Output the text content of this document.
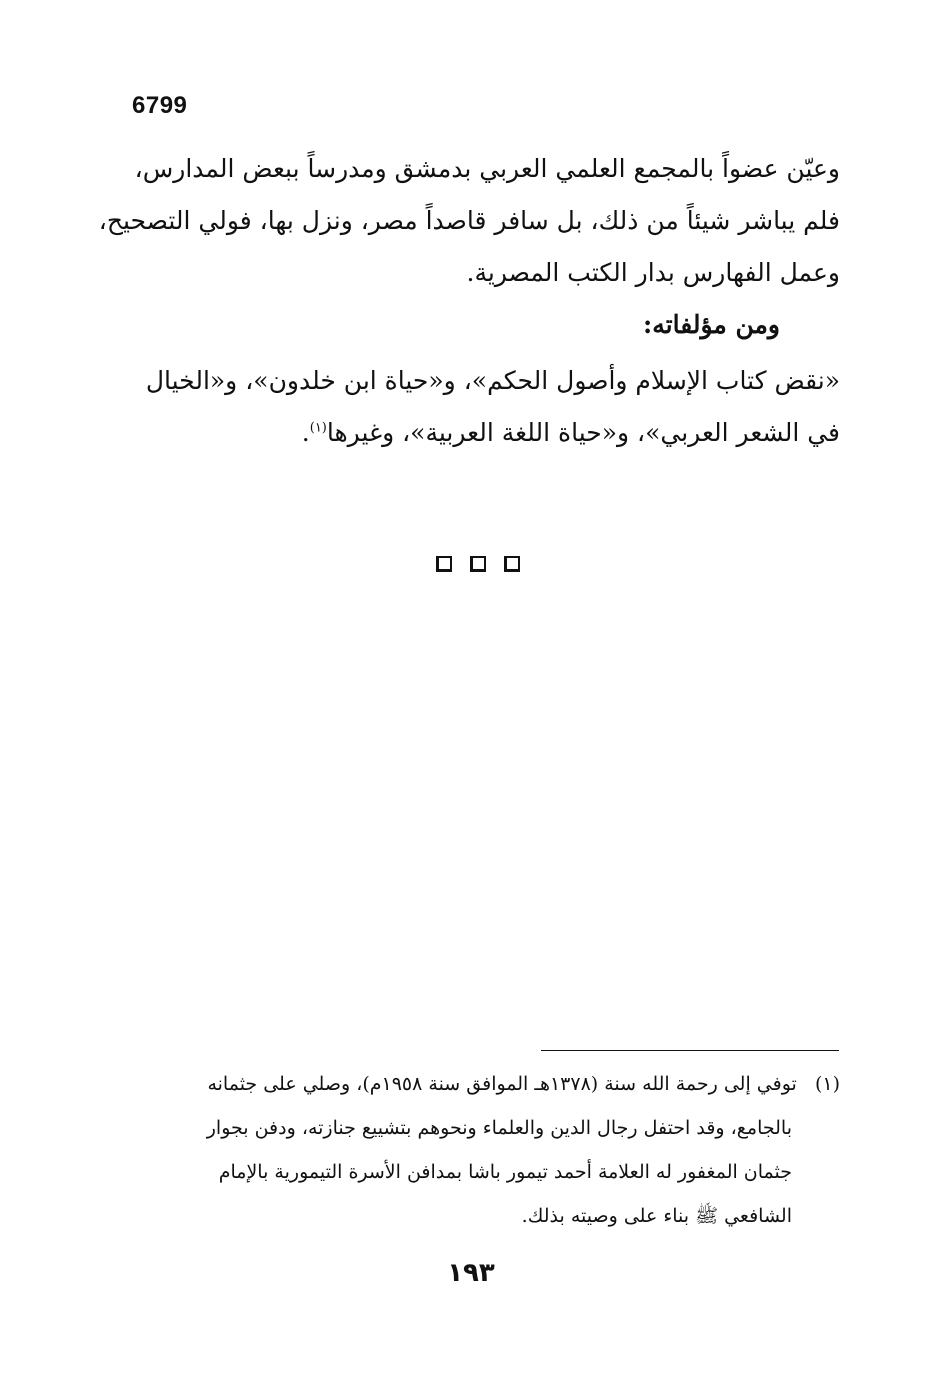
6799
وعيّن عضواً بالمجمع العلمي العربي بدمشق ومدرساً ببعض المدارس،
فلم يباشر شيئاً من ذلك، بل سافر قاصداً مصر، ونزل بها، فولي التصحيح،
وعمل الفهارس بدار الكتب المصرية.
ومن مؤلفاته:
«نقض كتاب الإسلام وأصول الحكم»، و«حياة ابن خلدون»، و«الخيال
في الشعر العربي»، و«حياة اللغة العربية»، وغيرها$^{(١)}$.
(١)   توفي إلى رحمة الله سنة (١٣٧٨هـ الموافق سنة ١٩٥٨م)، وصلي على جثمانه
بالجامع، وقد احتفل رجال الدين والعلماء ونحوهم بتشييع جنازته، ودفن بجوار
جثمان المغفور له العلامة أحمد تيمور باشا بمدافن الأسرة التيمورية بالإمام
الشافعي ﷺ بناء على وصيته بذلك.
١٩٣
